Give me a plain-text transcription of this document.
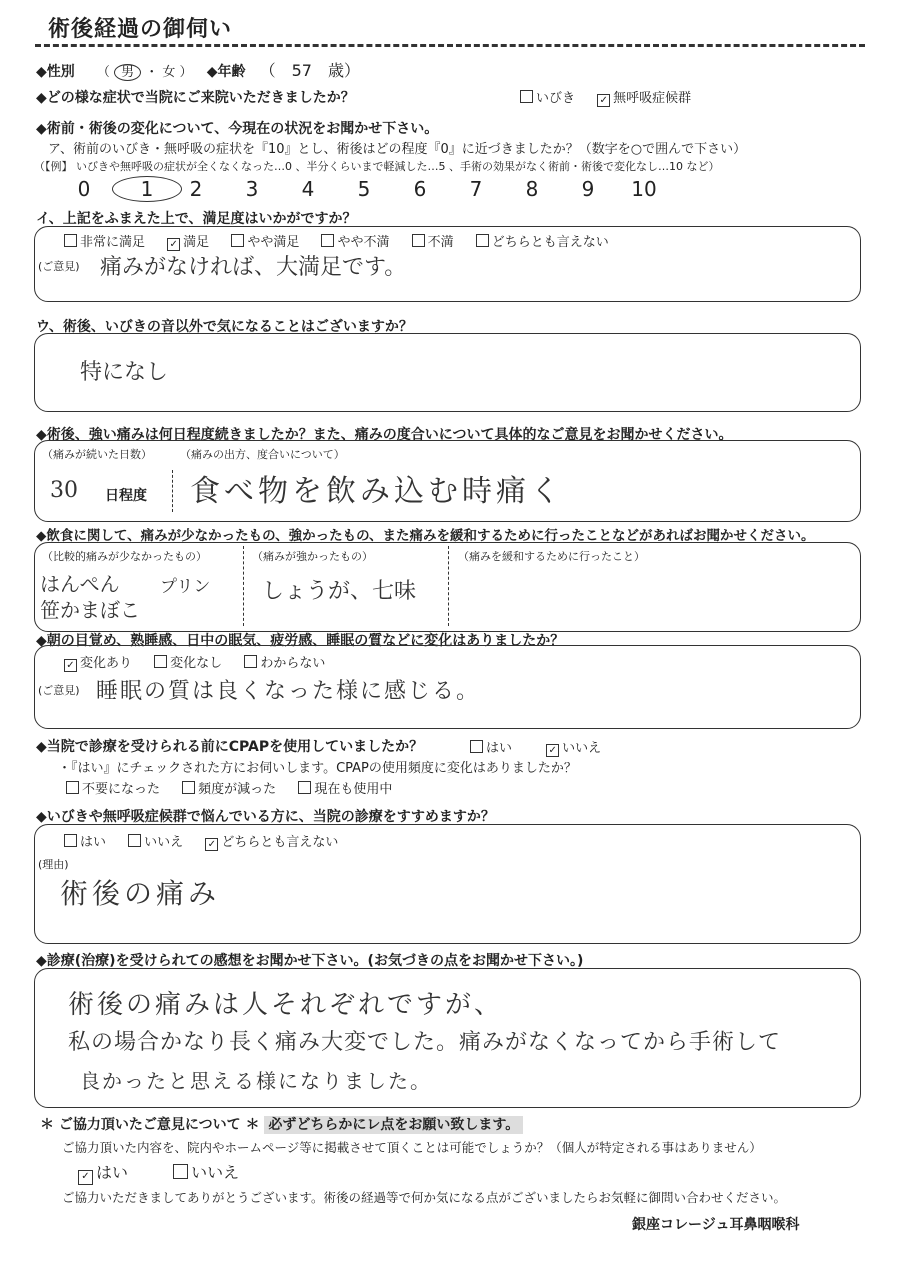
術後経過の御伺い
◆性別 （ 男 ・ 女 ） ◆年齢 （　57　歳）
◆どの様な症状で当院にご来院いただきましたか？	いびき ✓ 無呼吸症候群
◆術前・術後の変化について、今現在の状況をお聞かせ下さい。
ア、術前のいびき・無呼吸の症状を『10』とし、術後はどの程度『0』に近づきましたか？（数字を○で囲んで下さい）
（【例】 いびきや無呼吸の症状が全くなくなった…0 、半分くらいまで軽減した…5 、手術の効果がなく術前・術後で変化なし…10 など）
0	1 2 3 4 5 6 7 8 9 10
イ、上記をふまえた上で、満足度はいかがですか？
非常に満足 ✓ 満足	やや満足	やや不満	不満	どちらとも言えない
(ご意見) 痛みがなければ、大満足です。
ウ、術後、いびきの音以外で気になることはございますか？
特になし
◆術後、強い痛みは何日程度続きましたか？また、痛みの度合いについて具体的なご意見をお聞かせください。
（痛みが続いた日数）
30 日程度
（痛みの出方、度合いについて）
食べ物を飲み込む時痛く
◆飲食に関して、痛みが少なかったもの、強かったもの、また痛みを緩和するために行ったことなどがあればお聞かせください。
（比較的痛みが少なかったもの）
はんぺん プリン
笹かまぼこ
（痛みが強かったもの）
しょうが、七味
（痛みを緩和するために行ったこと）
◆朝の目覚め、熟睡感、日中の眠気、疲労感、睡眠の質などに変化はありましたか？
✓ 変化あり	変化なし	わからない
(ご意見) 睡眠の質は良くなった様に感じる。
◆当院で診療を受けられる前にCPAPを使用していましたか？	はい	✓ いいえ
・『はい』にチェックされた方にお伺いします。CPAPの使用頻度に変化はありましたか？
不要になった	頻度が減った	現在も使用中
◆いびきや無呼吸症候群で悩んでいる方に、当院の診療をすすめますか？
はい	いいえ ✓ どちらとも言えない
(理由)
術後の痛み
◆診療(治療)を受けられての感想をお聞かせ下さい。(お気づきの点をお聞かせ下さい。)
術後の痛みは人それぞれですが、
私の場合かなり長く痛み大変でした。痛みがなくなってから手術して
良かったと思える様になりました。
＊ ご協力頂いたご意見について ＊ 必ずどちらかにレ点をお願い致します。
ご協力頂いた内容を、院内やホームページ等に掲載させて頂くことは可能でしょうか？（個人が特定される事はありません）
✓ はい	いいえ
ご協力いただきましてありがとうございます。術後の経過等で何か気になる点がございましたらお気軽に御問い合わせください。
銀座コレージュ耳鼻咽喉科
